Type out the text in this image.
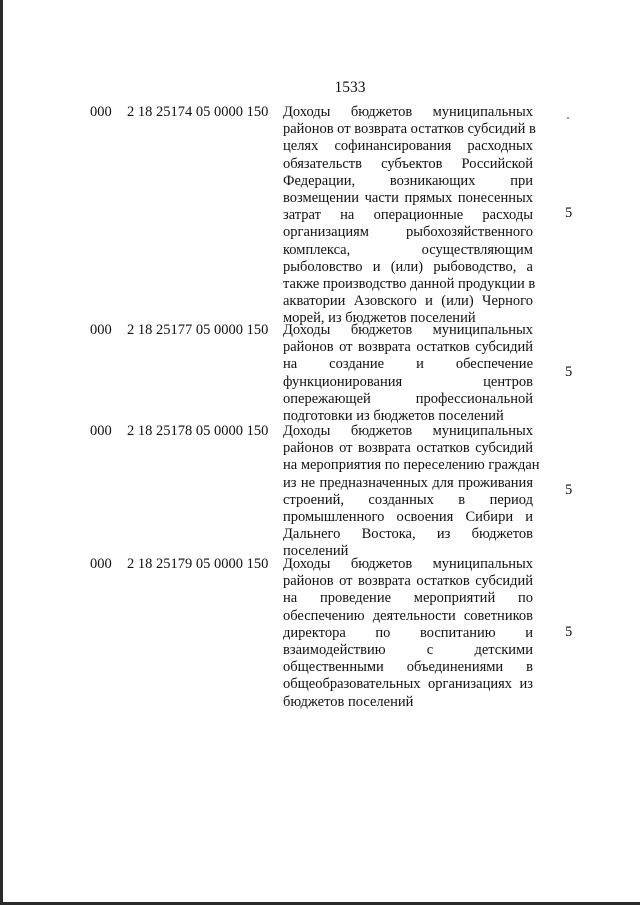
1533
000 2 18 25174 05 0000 150 Доходы бюджетов муниципальных
районов от возврата остатков субсидий в
целях софинансирования расходных
обязательств субъектов Российской
Федерации, возникающих при
возмещении части прямых понесенных
затрат на операционные расходы
организациям рыбохозяйственного
комплекса, осуществляющим
рыболовство и (или) рыбоводство, а
также производство данной продукции в
акватории Азовского и (или) Черного
морей, из бюджетов поселений
5
000 2 18 25177 05 0000 150 Доходы бюджетов муниципальных
районов от возврата остатков субсидий
на создание и обеспечение
функционирования центров
опережающей профессиональной
подготовки из бюджетов поселений
5
000 2 18 25178 05 0000 150 Доходы бюджетов муниципальных
районов от возврата остатков субсидий
на мероприятия по переселению граждан
из не предназначенных для проживания
строений, созданных в период
промышленного освоения Сибири и
Дальнего Востока, из бюджетов
поселений
5
000 2 18 25179 05 0000 150 Доходы бюджетов муниципальных
районов от возврата остатков субсидий
на проведение мероприятий по
обеспечению деятельности советников
директора по воспитанию и
взаимодействию с детскими
общественными объединениями в
общеобразовательных организациях из
бюджетов поселений
5
